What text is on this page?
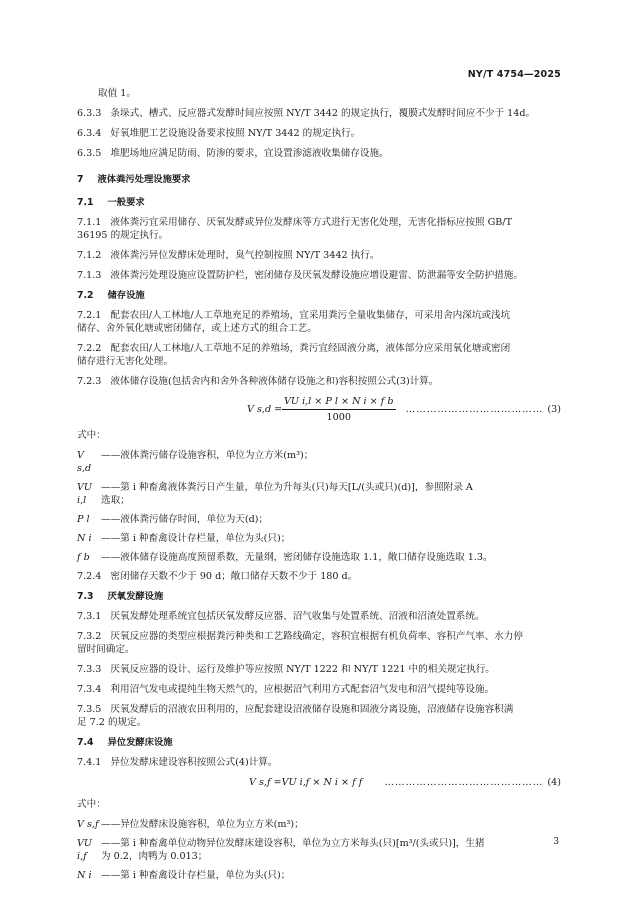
NY/T 4754—2025

取值 1。

6.3.3 条垛式、槽式、反应器式发酵时间应按照 NY/T 3442 的规定执行，覆膜式发酵时间应不少于 14d。

6.3.4 好氧堆肥工艺设施设备要求按照 NY/T 3442 的规定执行。

6.3.5 堆肥场地应满足防雨、防渗的要求，宜设置渗滤液收集储存设施。

7 液体粪污处理设施要求
7.1 一般要求

7.1.1 液体粪污宜采用储存、厌氧发酵或异位发酵床等方式进行无害化处理，无害化指标应按照 GB/T
36195 的规定执行。

7.1.2 液体粪污异位发酵床处理时，臭气控制按照 NY/T 3442 执行。

7.1.3 液体粪污处理设施应设置防护栏，密闭储存及厌氧发酵设施应增设避雷、防泄漏等安全防护措施。

7.2 储存设施

7.2.1 配套农田/人工林地/人工草地充足的养殖场，宜采用粪污全量收集储存，可采用舍内深坑或浅坑
储存、舍外氧化塘或密闭储存，或上述方式的组合工艺。

7.2.2 配套农田/人工林地/人工草地不足的养殖场，粪污宜经固液分离，液体部分应采用氧化塘或密闭
储存进行无害化处理。

7.2.3 液体储存设施(包括舍内和舍外各种液体储存设施之和)容积按照公式(3)计算。

V $s,d = \frac{\text{VU i,l × P l × N i × f b}}{1000}$ ………………………………… (3)

式中：

V s,d
——液体粪污储存设施容积，单位为立方米(m³)；
VU i,l
——第 i 种畜禽液体粪污日产生量，单位为升每头(只)每天[L/(头或只)(d)]，参照附录 A
选取；
P l	——液体粪污储存时间，单位为天(d)；
N i ——第 i 种畜禽设计存栏量，单位为头(只)；
f b	——液体储存设施高度预留系数，无量纲，密闭储存设施选取 1.1，敞口储存设施选取 1.3。

7.2.4 密闭储存天数不少于 90 d；敞口储存天数不少于 180 d。

7.3 厌氧发酵设施

7.3.1 厌氧发酵处理系统宜包括厌氧发酵反应器、沼气收集与处置系统、沼液和沼渣处置系统。

7.3.2 厌氧反应器的类型应根据粪污种类和工艺路线确定，容积宜根据有机负荷率、容积产气率、水力停
留时间确定。

7.3.3 厌氧反应器的设计、运行及维护等应按照 NY/T 1222 和 NY/T 1221 中的相关规定执行。

7.3.4 利用沼气发电或提纯生物天然气的，应根据沼气利用方式配套沼气发电和沼气提纯等设施。

7.3.5 厌氧发酵后的沼液农田利用的，应配套建设沼液储存设施和固液分离设施，沼液储存设施容积满
足 7.2 的规定。

7.4 异位发酵床设施

7.4.1 异位发酵床建设容积按照公式(4)计算。

V s,f =VU i,f × N i × f f ……………………………………… (4)

式中：

V s,f ——异位发酵床设施容积，单位为立方米(m³)；
VU i,f
——第 i 种畜禽单位动物异位发酵床建设容积，单位为立方米每头(只)[m³/(头或只)]，生猪
为 0.2，肉鸭为 0.013；
N i ——第 i 种畜禽设计存栏量，单位为头(只)；
3
